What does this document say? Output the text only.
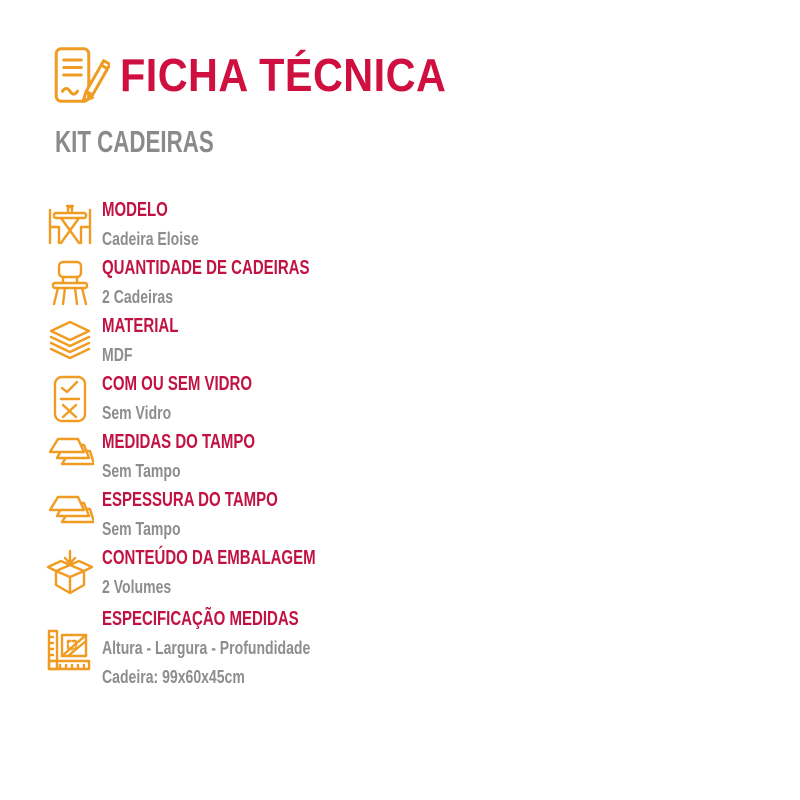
FICHA TÉCNICA
KIT CADEIRAS
MODELO
Cadeira Eloise
QUANTIDADE DE CADEIRAS
2 Cadeiras
MATERIAL
MDF
COM OU SEM VIDRO
Sem Vidro
MEDIDAS DO TAMPO
Sem Tampo
ESPESSURA DO TAMPO
Sem Tampo
CONTEÚDO DA EMBALAGEM
2 Volumes
ESPECIFICAÇÃO MEDIDAS
Altura - Largura - Profundidade
Cadeira: 99x60x45cm
